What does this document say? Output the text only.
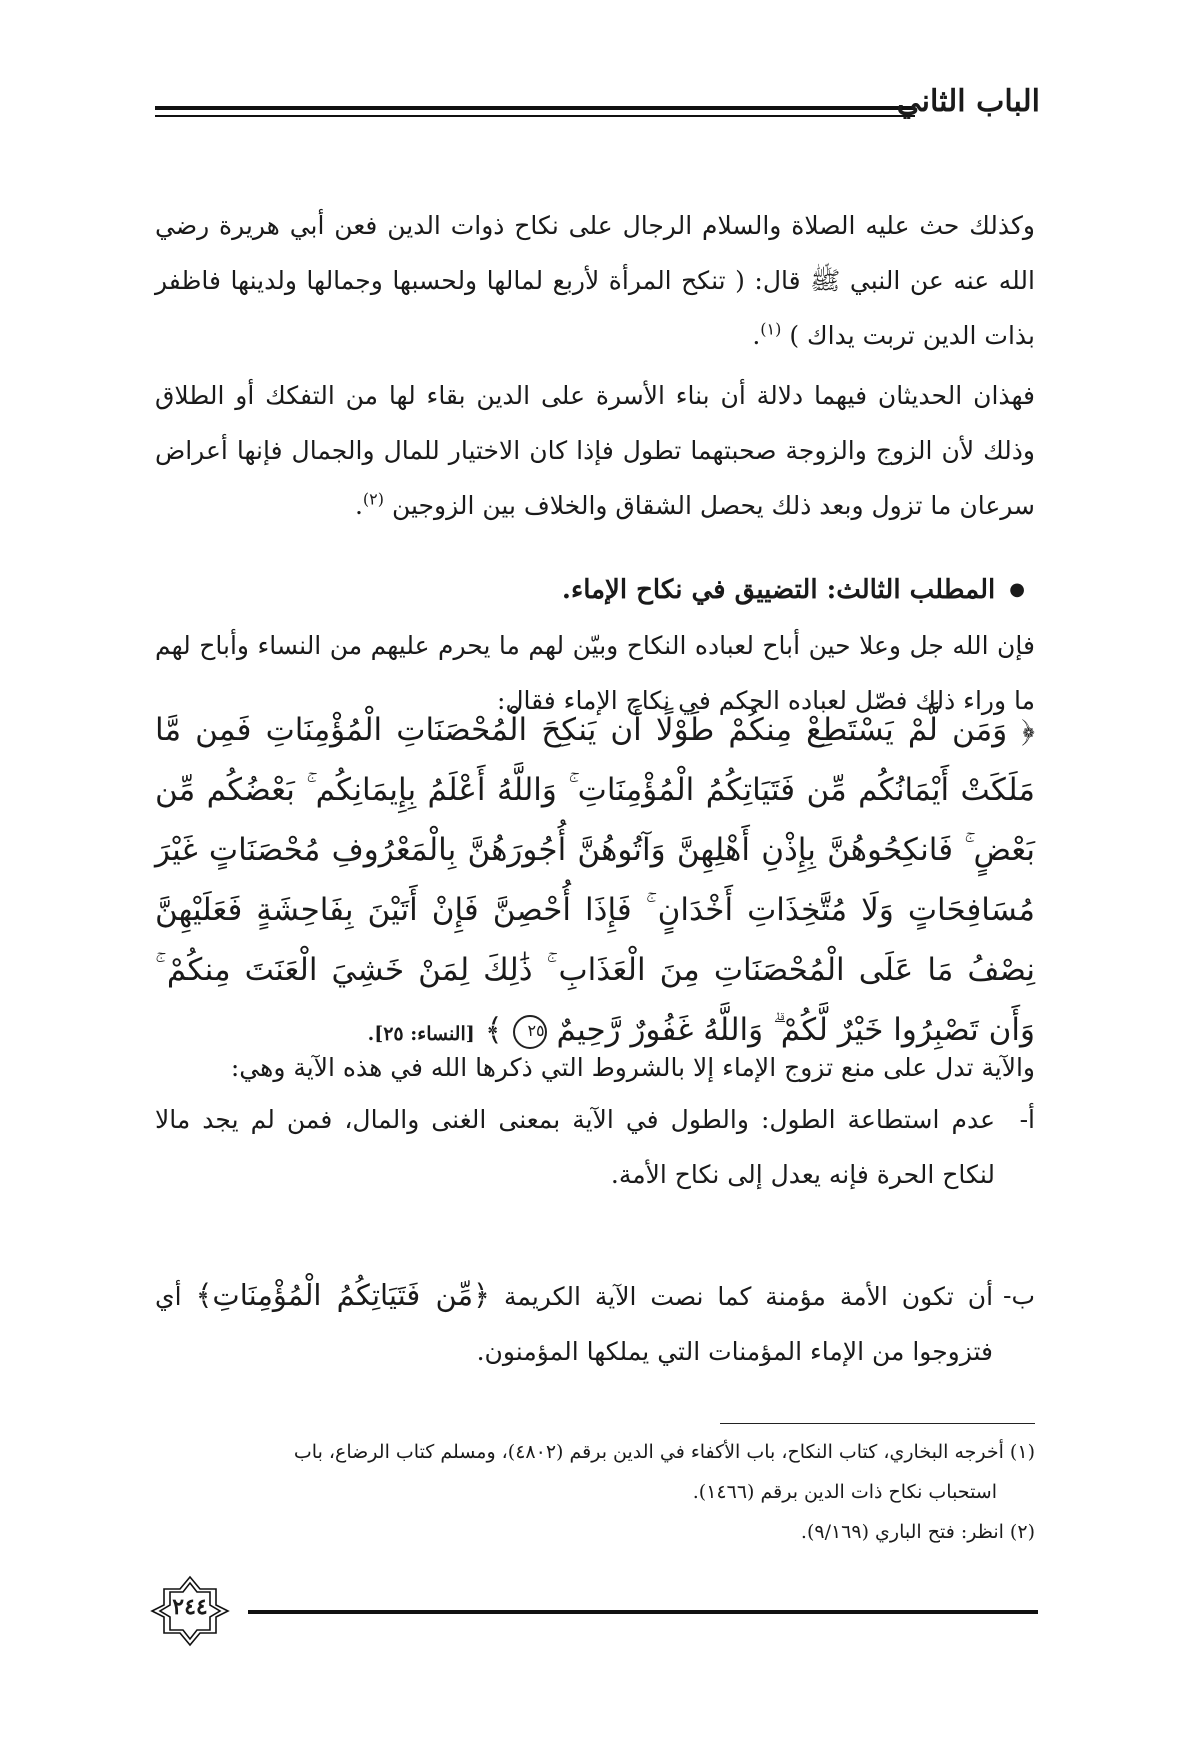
الباب الثاني

وكذلك حث عليه الصلاة والسلام الرجال على نكاح ذوات الدين فعن أبي هريرة رضي الله عنه عن النبي ﷺ قال: ( تنكح المرأة لأربع لمالها ولحسبها وجمالها ولدينها فاظفر بذات الدين تربت يداك ) $^{(١)}$.

فهذان الحديثان فيهما دلالة أن بناء الأسرة على الدين بقاء لها من التفكك أو الطلاق وذلك لأن الزوج والزوجة صحبتهما تطول فإذا كان الاختيار للمال والجمال فإنها أعراض سرعان ما تزول وبعد ذلك يحصل الشقاق والخلاف بين الزوجين $^{(٢)}$.

●
المطلب الثالث: التضييق في نكاح الإماء.

فإن الله جل وعلا حين أباح لعباده النكاح وبيّن لهم ما يحرم عليهم من النساء وأباح لهم ما وراء ذلك فصّل لعباده الحكم في نكاح الإماء فقال:

﴿ وَمَن لَّمْ يَسْتَطِعْ مِنكُمْ طَوْلًا أَن يَنكِحَ الْمُحْصَنَاتِ الْمُؤْمِنَاتِ فَمِن مَّا مَلَكَتْ أَيْمَانُكُم مِّن فَتَيَاتِكُمُ الْمُؤْمِنَاتِ ۚ وَاللَّهُ أَعْلَمُ بِإِيمَانِكُم ۚ بَعْضُكُم مِّن بَعْضٍ ۚ فَانكِحُوهُنَّ بِإِذْنِ أَهْلِهِنَّ وَآتُوهُنَّ أُجُورَهُنَّ بِالْمَعْرُوفِ مُحْصَنَاتٍ غَيْرَ مُسَافِحَاتٍ وَلَا مُتَّخِذَاتِ أَخْدَانٍ ۚ فَإِذَا أُحْصِنَّ فَإِنْ أَتَيْنَ بِفَاحِشَةٍ فَعَلَيْهِنَّ نِصْفُ مَا عَلَى الْمُحْصَنَاتِ مِنَ الْعَذَابِ ۚ ذَٰلِكَ لِمَنْ خَشِيَ الْعَنَتَ مِنكُمْ ۚ وَأَن تَصْبِرُوا خَيْرٌ لَّكُمْ ۗ وَاللَّهُ غَفُورٌ رَّحِيمٌ ٢٥ ﴾ [النساء: ٢٥].

والآية تدل على منع تزوج الإماء إلا بالشروط التي ذكرها الله في هذه الآية وهي:

أ-
عدم استطاعة الطول: والطول في الآية بمعنى الغنى والمال، فمن لم يجد مالا لنكاح الحرة فإنه يعدل إلى نكاح الأمة.
ب-
أن تكون الأمة مؤمنة كما نصت الآية الكريمة ﴿مِّن فَتَيَاتِكُمُ الْمُؤْمِنَاتِ﴾ أي فتزوجوا من الإماء المؤمنات التي يملكها المؤمنون.

(١) أخرجه البخاري، كتاب النكاح، باب الأكفاء في الدين برقم (٤٨٠٢)، ومسلم كتاب الرضاع، باب

استحباب نكاح ذات الدين برقم (١٤٦٦).

(٢) انظر: فتح الباري (٩/١٦٩).

٢٤٤
